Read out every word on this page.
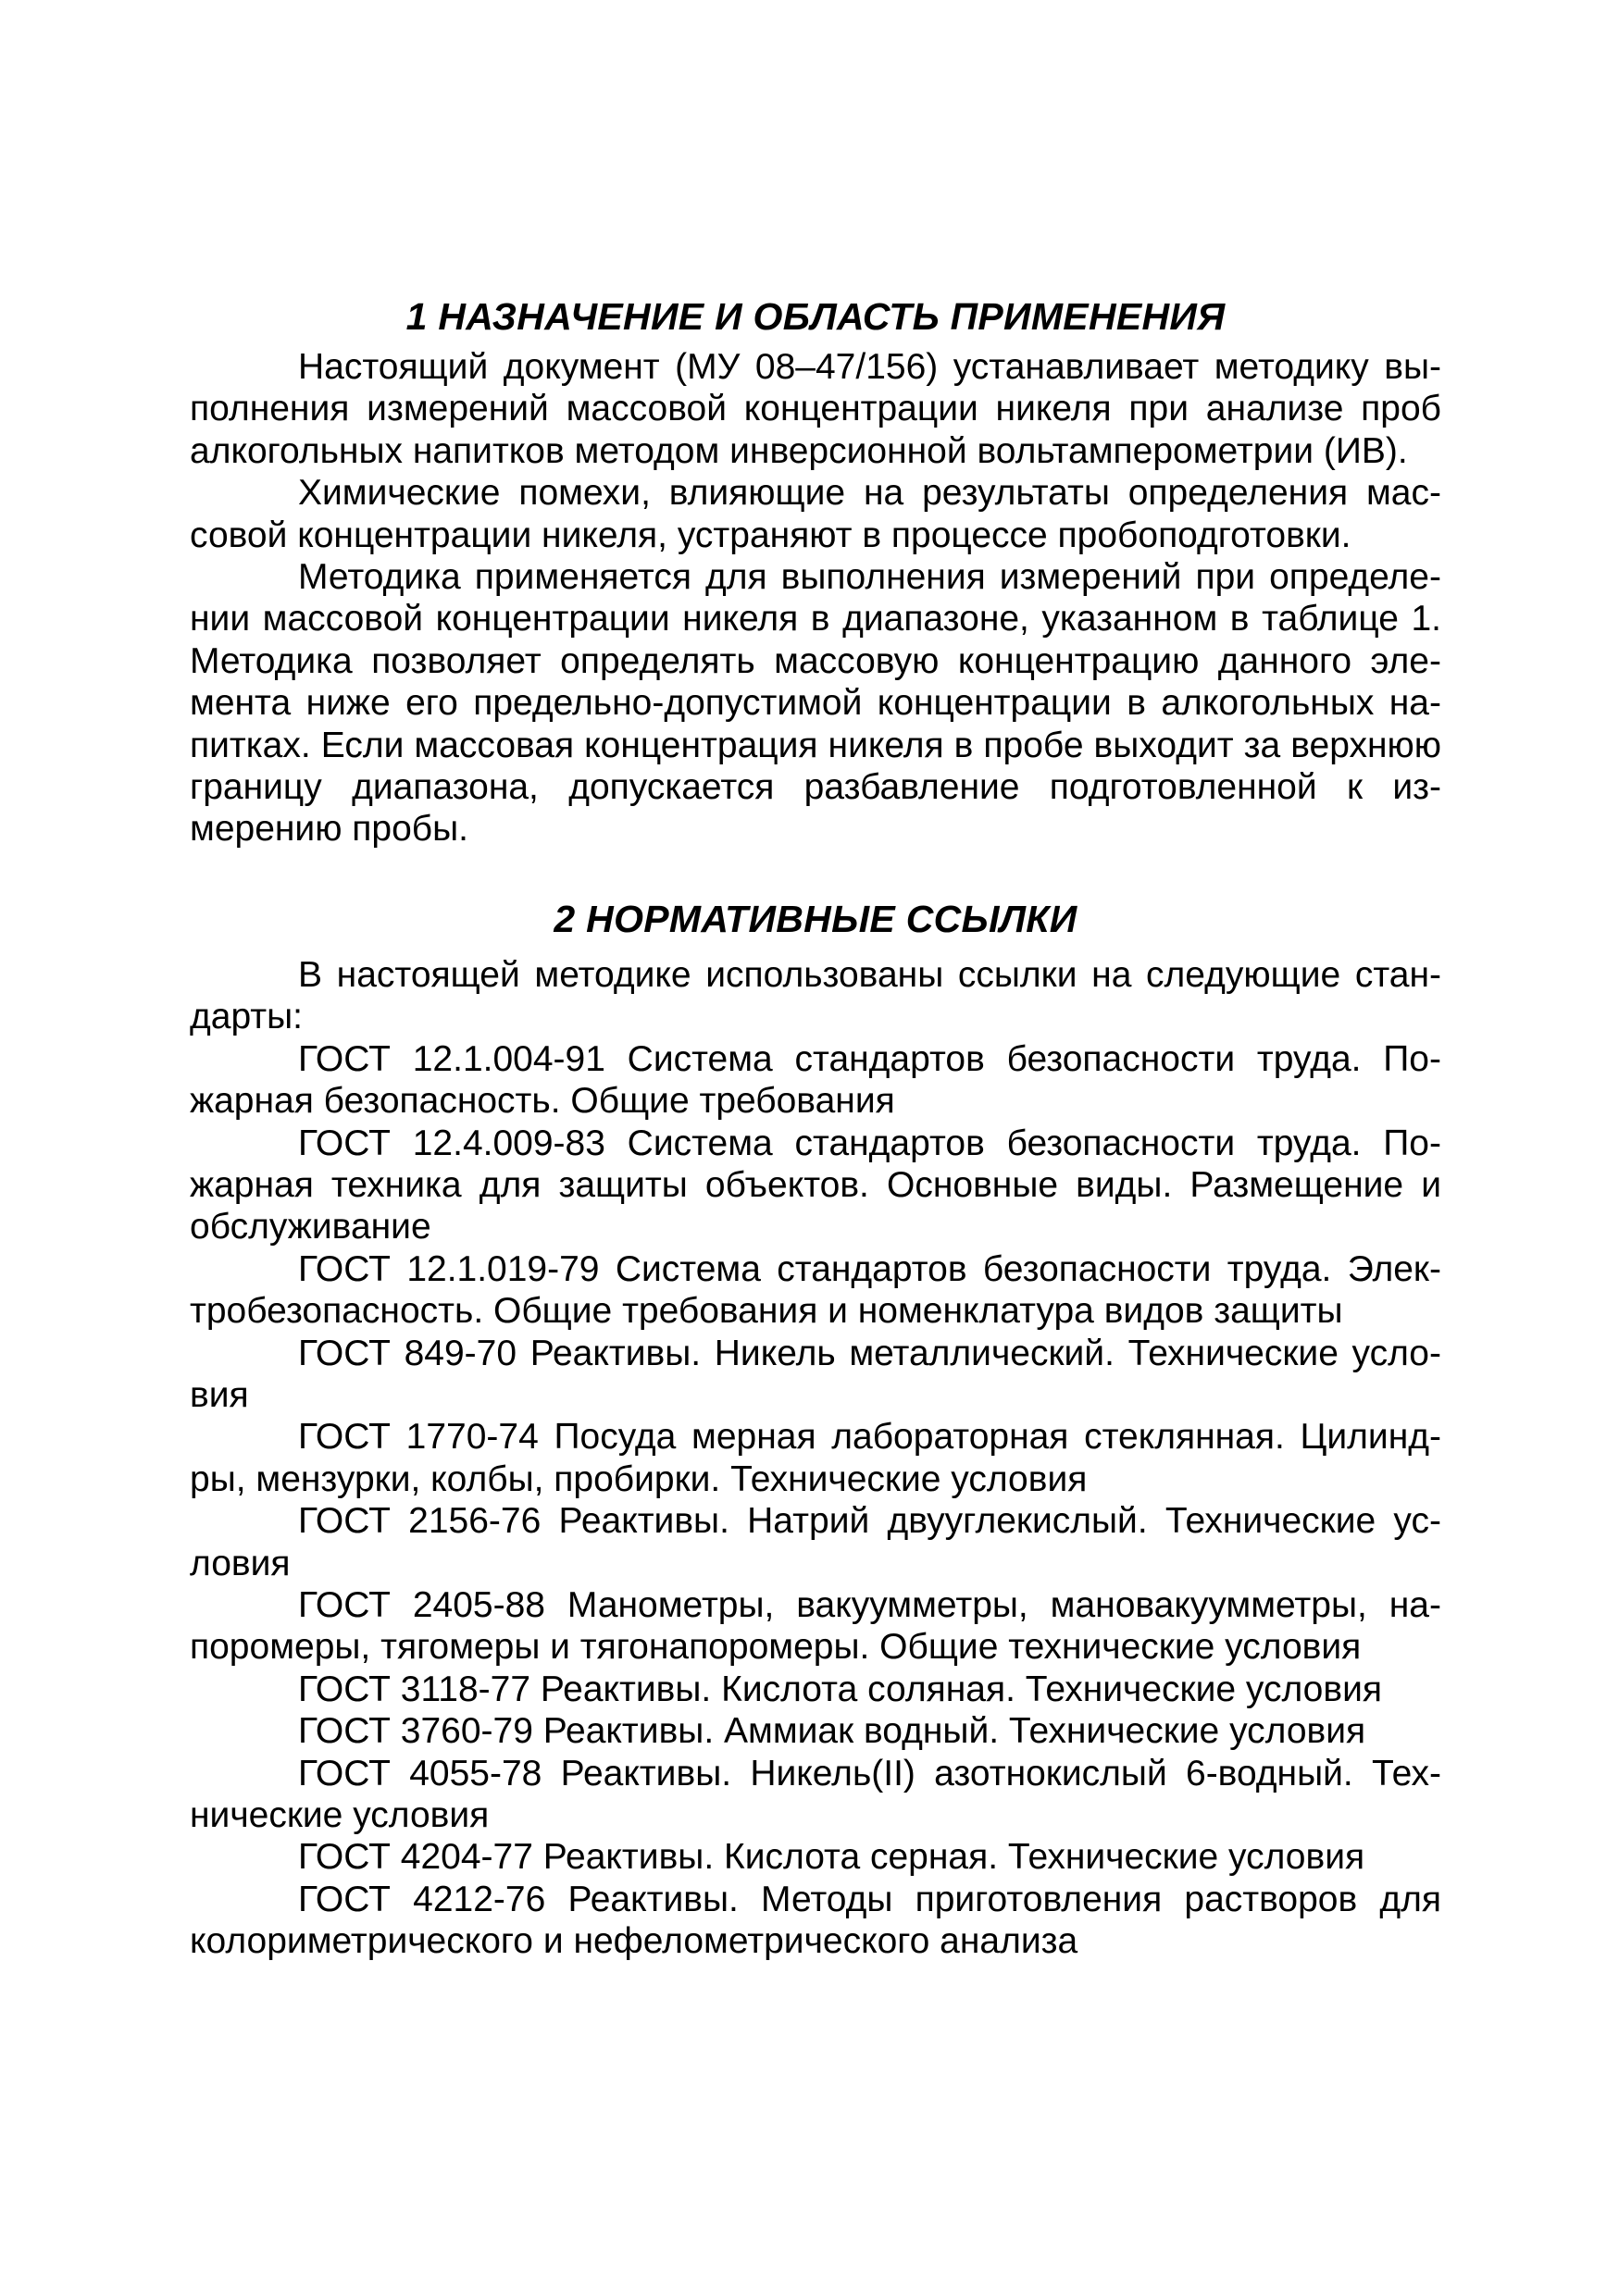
1 НАЗНАЧЕНИЕ И ОБЛАСТЬ ПРИМЕНЕНИЯ

Настоящий документ (МУ 08–47/156) устанавливает методику выполнения измерений массовой концентрации никеля при анализе проб алкогольных напитков методом инверсионной вольтамперометрии (ИВ).

Химические помехи, влияющие на результаты определения массовой концентрации никеля, устраняют в процессе пробоподготовки.

Методика применяется для выполнения измерений при определении массовой концентрации никеля в диапазоне, указанном в таблице 1. Методика позволяет определять массовую концентрацию данного элемента ниже его предельно-допустимой концентрации в алкогольных напитках. Если массовая концентрация никеля в пробе выходит за верхнюю границу диапазона, допускается разбавление подготовленной к измерению пробы.

2 НОРМАТИВНЫЕ ССЫЛКИ

В настоящей методике использованы ссылки на следующие стандарты:

ГОСТ 12.1.004-91 Система стандартов безопасности труда. Пожарная безопасность. Общие требования

ГОСТ 12.4.009-83 Система стандартов безопасности труда. Пожарная техника для защиты объектов. Основные виды. Размещение и обслуживание

ГОСТ 12.1.019-79 Система стандартов безопасности труда. Электробезопасность. Общие требования и номенклатура видов защиты

ГОСТ 849-70 Реактивы. Никель металлический. Технические условия

ГОСТ 1770-74 Посуда мерная лабораторная стеклянная. Цилиндры, мензурки, колбы, пробирки. Технические условия

ГОСТ 2156-76 Реактивы. Натрий двууглекислый. Технические условия

ГОСТ 2405-88 Манометры, вакуумметры, мановакуумметры, напоромеры, тягомеры и тягонапоромеры. Общие технические условия

ГОСТ 3118-77 Реактивы. Кислота соляная. Технические условия

ГОСТ 3760-79 Реактивы. Аммиак водный. Технические условия

ГОСТ 4055-78 Реактивы. Никель(II) азотнокислый 6-водный. Технические условия

ГОСТ 4204-77 Реактивы. Кислота серная. Технические условия

ГОСТ 4212-76 Реактивы. Методы приготовления растворов для колориметрического и нефелометрического анализа
